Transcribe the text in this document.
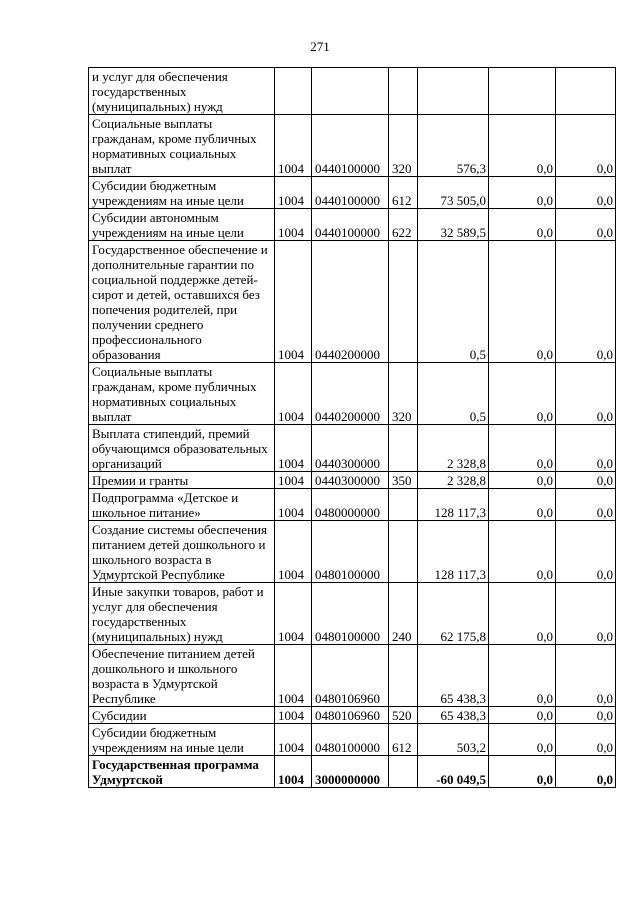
271
и услуг для обеспечения государственных (муниципальных) нужд						
Социальные выплаты гражданам, кроме публичных нормативных социальных выплат	1004	0440100000	320	576,3	0,0	0,0
Субсидии бюджетным учреждениям на иные цели	1004	0440100000	612	73 505,0	0,0	0,0
Субсидии автономным учреждениям на иные цели	1004	0440100000	622	32 589,5	0,0	0,0
Государственное обеспечение и дополнительные гарантии по социальной поддержке детей-сирот и детей, оставшихся без попечения родителей, при получении среднего профессионального образования	1004	0440200000		0,5	0,0	0,0
Социальные выплаты гражданам, кроме публичных нормативных социальных выплат	1004	0440200000	320	0,5	0,0	0,0
Выплата стипендий, премий обучающимся образовательных организаций	1004	0440300000		2 328,8	0,0	0,0
Премии и гранты	1004	0440300000	350	2 328,8	0,0	0,0
Подпрограмма «Детское и школьное питание»	1004	0480000000		128 117,3	0,0	0,0
Создание системы обеспечения питанием детей дошкольного и школьного возраста в Удмуртской Республике	1004	0480100000		128 117,3	0,0	0,0
Иные закупки товаров, работ и услуг для обеспечения государственных (муниципальных) нужд	1004	0480100000	240	62 175,8	0,0	0,0
Обеспечение питанием детей дошкольного и школьного возраста в Удмуртской Республике	1004	0480106960		65 438,3	0,0	0,0
Субсидии	1004	0480106960	520	65 438,3	0,0	0,0
Субсидии бюджетным учреждениям на иные цели	1004	0480100000	612	503,2	0,0	0,0
Государственная программа Удмуртской	1004	3000000000		-60 049,5	0,0	0,0
